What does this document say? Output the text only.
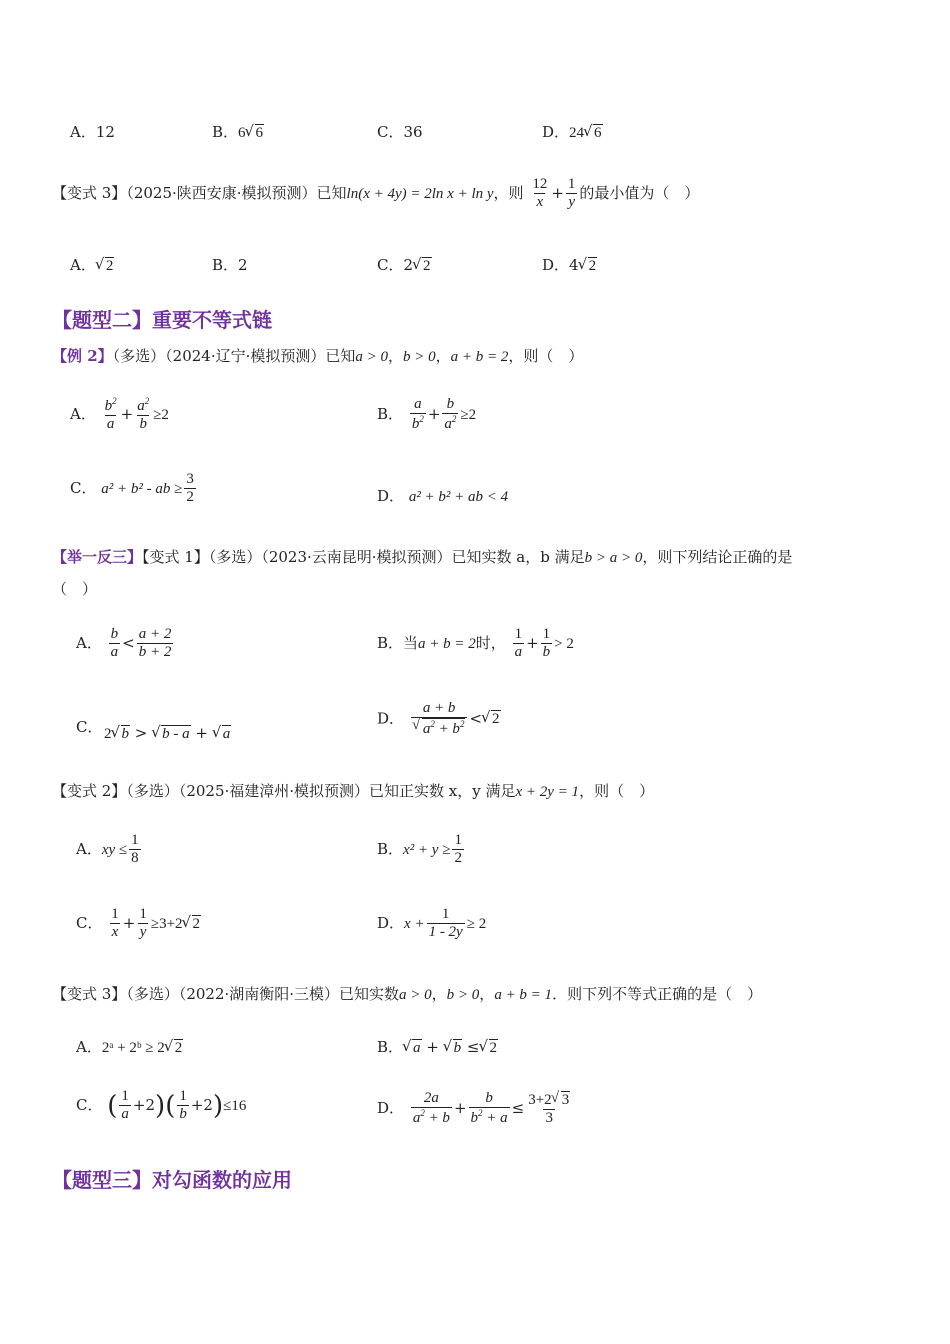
A．12	B．6√ 6	C．36	D．24√ 6
【变式 3】（2025·陕西安康·模拟预测）已知ln(x + 4y) = 2ln x + ln y，则 $\frac{12}{x} + \frac{1}{y}$ 的最小值为（　）
A．√ 2	B．2	C．2√ 2	D．4√ 2
【题型二】重要不等式链
【例 2】（多选）（2024·辽宁·模拟预测）已知a > 0，b > 0，a + b = 2，则（　）
A． $\frac{b^2}{a} + \frac{a^2}{b} \ge 2$	B． $\frac{a}{b^2} + \frac{b}{a^2} \ge 2$
C． a² + b² - ab ≥ $\frac{3}{2}$	D． a² + b² + ab < 4
【举一反三】【变式 1】（多选）（2023·云南昆明·模拟预测）已知实数 a，b 满足b > a > 0，则下列结论正确的是
（　）
A． $\frac{b}{a} < \frac{a + 2}{b + 2}$	B．当a + b = 2时， $\frac{1}{a} + \frac{1}{b} > 2$
C． 2√ b > √ b - a + √ a
D． a + b
√ $a^2 + b^2$ <√ 2
【变式 2】（多选）（2025·福建漳州·模拟预测）已知正实数 x，y 满足x + 2y = 1，则（　）
A．xy ≤ $\frac{1}{8}$	B．$x^2 + y \ge \frac{1}{2}$
C． $\frac{1}{x} + \frac{1}{y} \ge 3+2√$ 2	D．$x + \frac{1}{1 - 2y} \ge 2$
【变式 3】（多选）（2022·湖南衡阳·三模）已知实数a > 0，b > 0，a + b = 1．则下列不等式正确的是（　）
A．2ᵃ + 2ᵇ ≥ 2√ 2	B．√ a + √ b ≤√ 2
C． ( $\frac{1}{a} +2)( \frac{1}{b} +2)\le 16$	D． $\frac{2a}{a^2 + b} + \frac{b}{b^2 + a} \le \frac{3+2√ 3}{3}$
【题型三】对勾函数的应用
